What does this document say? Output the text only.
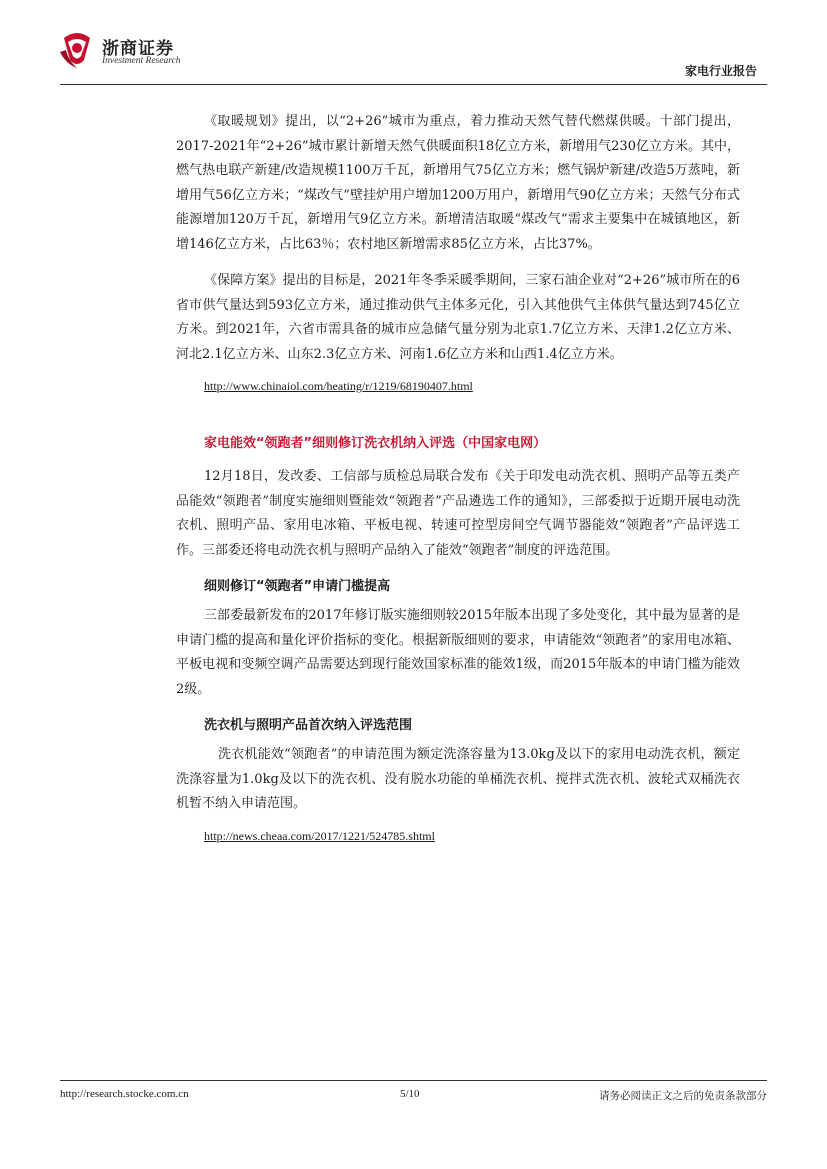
浙商证券
Investment Research
家电行业报告

《取暖规划》提出，以“2+26”城市为重点，着力推动天然气替代燃煤供暖。十部门提出，2017-2021年“2+26”城市累计新增天然气供暖面积18亿立方米，新增用气230亿立方米。其中，燃气热电联产新建/改造规模1100万千瓦，新增用气75亿立方米；燃气锅炉新建/改造5万蒸吨，新增用气56亿立方米；“煤改气”壁挂炉用户增加1200万用户，新增用气90亿立方米；天然气分布式能源增加120万千瓦，新增用气9亿立方米。新增清洁取暖“煤改气”需求主要集中在城镇地区，新增146亿立方米，占比63％；农村地区新增需求85亿立方米，占比37%。

《保障方案》提出的目标是，2021年冬季采暖季期间，三家石油企业对“2+26”城市所在的6省市供气量达到593亿立方米，通过推动供气主体多元化，引入其他供气主体供气量达到745亿立方米。到2021年，六省市需具备的城市应急储气量分别为北京1.7亿立方米、天津1.2亿立方米、河北2.1亿立方米、山东2.3亿立方米、河南1.6亿立方米和山西1.4亿立方米。

http://www.chinaiol.com/heating/r/1219/68190407.html
家电能效“领跑者”细则修订洗衣机纳入评选（中国家电网）

12月18日，发改委、工信部与质检总局联合发布《关于印发电动洗衣机、照明产品等五类产品能效“领跑者”制度实施细则暨能效“领跑者”产品遴选工作的通知》，三部委拟于近期开展电动洗衣机、照明产品、家用电冰箱、平板电视、转速可控型房间空气调节器能效“领跑者”产品评选工作。三部委还将电动洗衣机与照明产品纳入了能效“领跑者”制度的评选范围。

细则修订“领跑者”申请门槛提高

三部委最新发布的2017年修订版实施细则较2015年版本出现了多处变化，其中最为显著的是申请门槛的提高和量化评价指标的变化。根据新版细则的要求，申请能效“领跑者”的家用电冰箱、平板电视和变频空调产品需要达到现行能效国家标准的能效1级，而2015年版本的申请门槛为能效2级。

洗衣机与照明产品首次纳入评选范围

洗衣机能效“领跑者”的申请范围为额定洗涤容量为13.0kg及以下的家用电动洗衣机，额定洗涤容量为1.0kg及以下的洗衣机、没有脱水功能的单桶洗衣机、搅拌式洗衣机、波轮式双桶洗衣机暂不纳入申请范围。

http://news.cheaa.com/2017/1221/524785.shtml
http://research.stocke.com.cn	5/10	请务必阅读正文之后的免责条款部分
